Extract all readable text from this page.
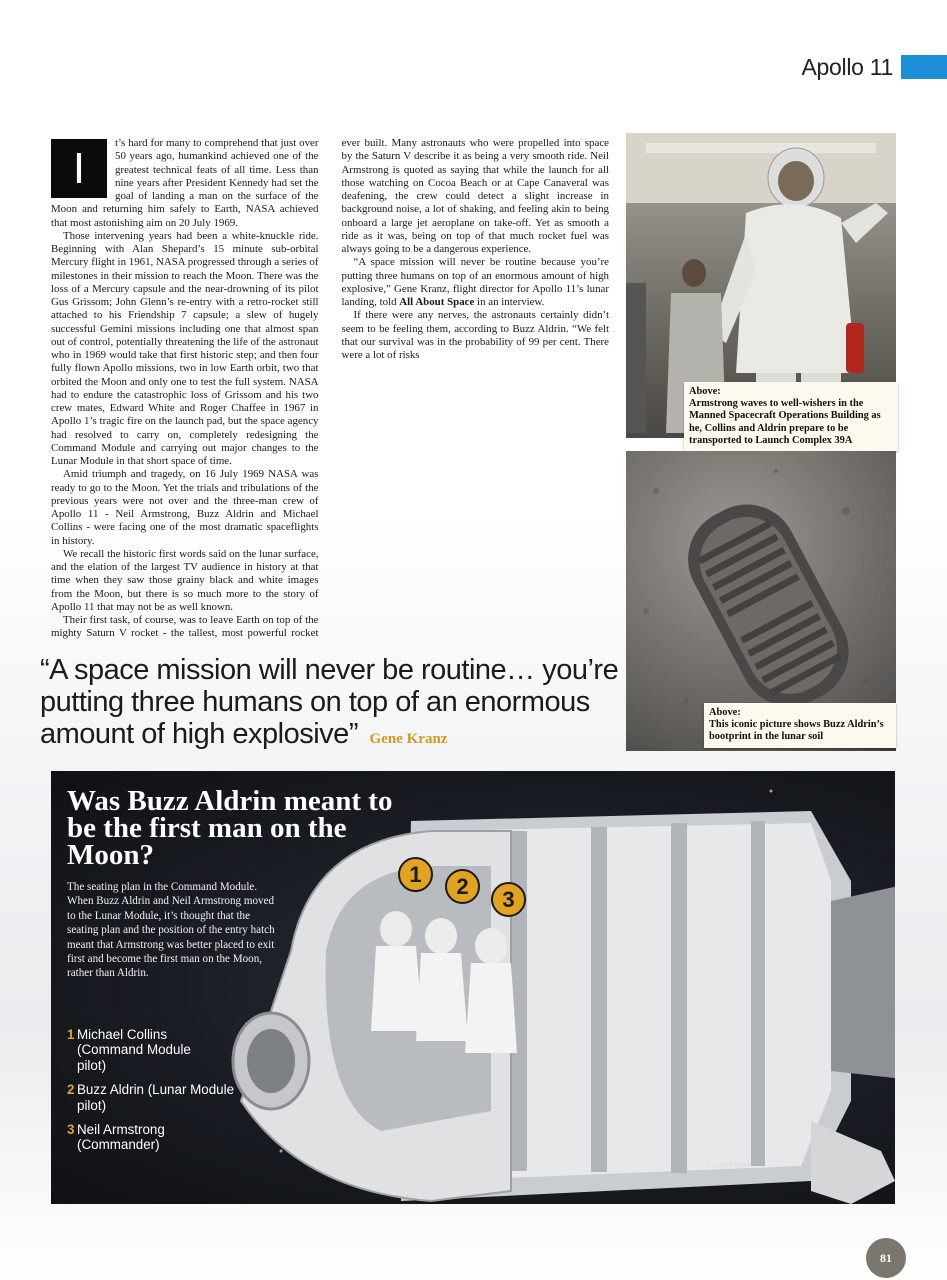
Apollo 11

I
t’s hard for many to comprehend that just over 50 years ago, humankind achieved one of the greatest technical feats of all time. Less than nine years after President Kennedy had set the goal of landing a man on the surface of the Moon and returning him safely to Earth, NASA achieved that most astonishing aim on 20 July 1969.

Those intervening years had been a white-knuckle ride. Beginning with Alan Shepard’s 15 minute sub-orbital Mercury flight in 1961, NASA progressed through a series of milestones in their mission to reach the Moon. There was the loss of a Mercury capsule and the near-drowning of its pilot Gus Grissom; John Glenn’s re-entry with a retro-rocket still attached to his Friendship 7 capsule; a slew of hugely successful Gemini missions including one that almost span out of control, potentially threatening the life of the astronaut who in 1969 would take that first historic step; and then four fully flown Apollo missions, two in low Earth orbit, two that orbited the Moon and only one to test the full system. NASA had to endure the catastrophic loss of Grissom and his two crew mates, Edward White and Roger Chaffee in 1967 in Apollo 1’s tragic fire on the launch pad, but the space agency had resolved to carry on, completely redesigning the Command Module and carrying out major changes to the Lunar Module in that short space of time.

Amid triumph and tragedy, on 16 July 1969 NASA was ready to go to the Moon. Yet the trials and tribulations of the previous years were not over and the three-man crew of Apollo 11 - Neil Armstrong, Buzz Aldrin and Michael Collins - were facing one of the most dramatic spaceflights in history.

We recall the historic first words said on the lunar surface, and the elation of the largest TV audience in history at that time when they saw those grainy black and white images from the Moon, but there is so much more to the story of Apollo 11 that may not be as well known.

Their first task, of course, was to leave Earth on top of the mighty Saturn V rocket - the tallest, most powerful rocket ever built. Many astronauts who were propelled into space by the Saturn V describe it as being a very smooth ride. Neil Armstrong is quoted as saying that while the launch for all those watching on Cocoa Beach or at Cape Canaveral was deafening, the crew could detect a slight increase in background noise, a lot of shaking, and feeling akin to being onboard a large jet aeroplane on take-off. Yet as smooth a ride as it was, being on top of that much rocket fuel was always going to be a dangerous experience.

“A space mission will never be routine because you’re putting three humans on top of an enormous amount of high explosive,” Gene Kranz, flight director for Apollo 11’s lunar landing, told All About Space in an interview.

If there were any nerves, the astronauts certainly didn’t seem to be feeling them, according to Buzz Aldrin. “We felt that our survival was in the probability of 99 per cent. There were a lot of risks

“A space mission will never be routine… you’re putting three humans on top of an enormous amount of high explosive” Gene Kranz
Above:
Armstrong waves to well-wishers in the Manned Spacecraft Operations Building as he, Collins and Aldrin prepare to be transported to Launch Complex 39A
Above:
This iconic picture shows Buzz Aldrin’s bootprint in the lunar soil
1	2
3
Was Buzz Aldrin meant to be the first man on the Moon?
The seating plan in the Command Module. When Buzz Aldrin and Neil Armstrong moved to the Lunar Module, it’s thought that the seating plan and the position of the entry hatch meant that Armstrong was better placed to exit first and become the first man on the Moon, rather than Aldrin.
1 Michael Collins (Command Module pilot)
2 Buzz Aldrin (Lunar Module pilot)
3 Neil Armstrong (Commander)
© Adrian Mann
81
